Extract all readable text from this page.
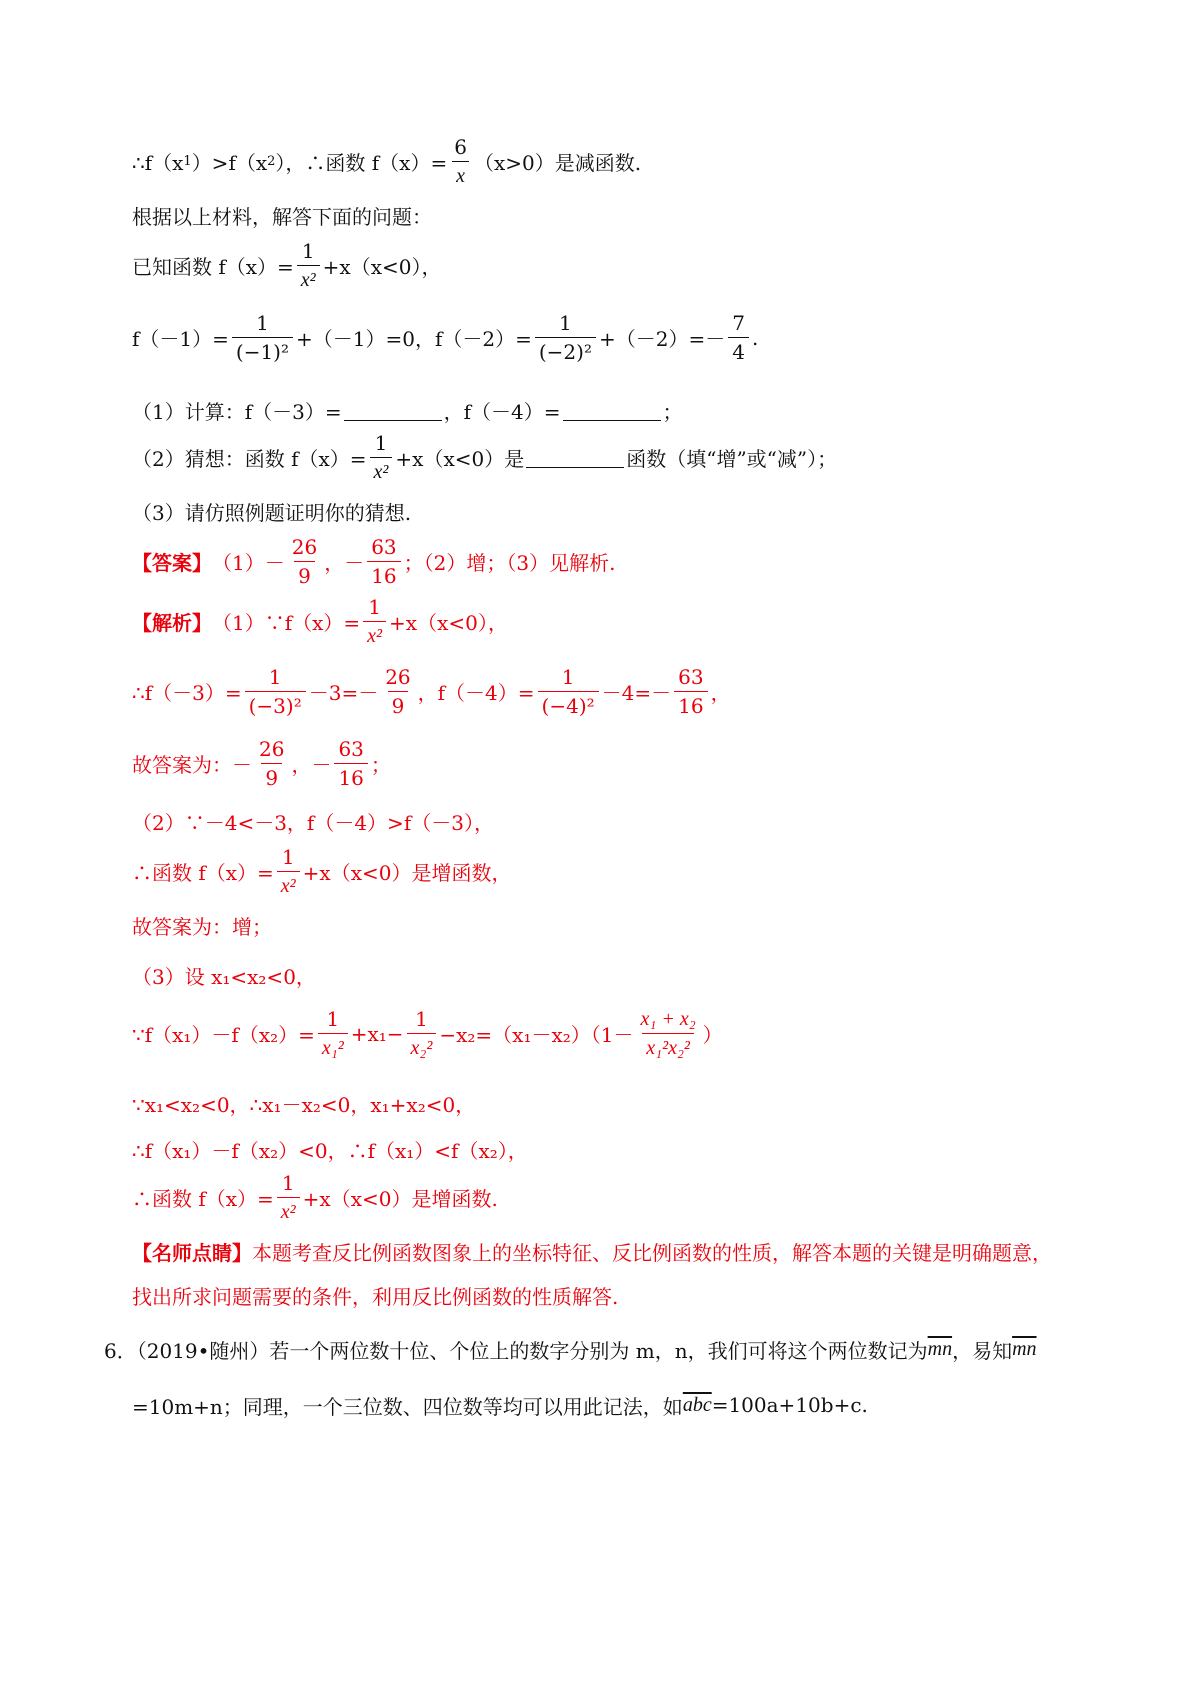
∴f（x 1 ）>f（x 2 ），∴函数 $f(x)= \frac{6}{x} (x>0)$是减函数.
根据以上材料，解答下面的问题：
已知函数 $f(x)= \frac{1}{\text{x²}} +x(x<0)$，
$f(-1)= \frac{1}{\text{(−1)²}} +(-1)=0$，$f(-2)= \frac{1}{\text{(−2)²}} +(-2)=- \frac{7}{4}$ .
（1）计算：f（－3）=	，f（－4）=	；
（2）猜想：函数 $f(x)= \frac{1}{\text{x²}} +x(x<0)$是	函数（填“增”或“减”）；
（3）请仿照例题证明你的猜想.
【答案】 $(1)- \frac{26}{9}$ ，－ $\frac{63}{16}$ ；（2）增；（3）见解析.
【解析】 （1）∵f（x）= $\frac{1}{\text{x²}} +x(x<0)$，
∴f（－3）= $\frac{1}{\text{(−3)²}} -3=- \frac{26}{9}$ ，$f(-4)= \frac{1}{\text{(−4)²}} -4=- \frac{63}{16}$ ，
故答案为：－ $\frac{26}{9}$ ，－ $\frac{63}{16}$ ；
（2）∵－4<－3，f（－4）>f（－3），
∴函数 $f(x)= \frac{1}{\text{x²}} +x(x<0)$是增函数，
故答案为：增；
（3）设 x₁<x₂<0，
∵f（x₁）－f（x₂）= $\frac{1}{\text{x₁²}} +x_1- \frac{1}{\text{x₂²}} -x_2=(x_1-x_2)(1- \frac{\text{x₁ + x₂}}{\text{x₁²x₂²}}$ ）
∵x₁<x₂<0，∴x₁－x₂<0，x₁+x₂<0，
∴f（x₁）－f（x₂）<0，∴f（x₁）<f（x₂），
∴函数 $f(x)= \frac{1}{\text{x²}} +x(x<0)$是增函数.
【名师点睛】 本题考查反比例函数图象上的坐标特征、反比例函数的性质，解答本题的关键是明确题意，
找出所求问题需要的条件，利用反比例函数的性质解答.
6．（2019•随州）若一个两位数十位、个位上的数字分别为 m，n，我们可将这个两位数记为 $\overline{mn}$ ，易知 $\overline{mn}$
=10m+n；同理，一个三位数、四位数等均可以用此记法，如 $\overline{abc} =100a+10b+c$.
